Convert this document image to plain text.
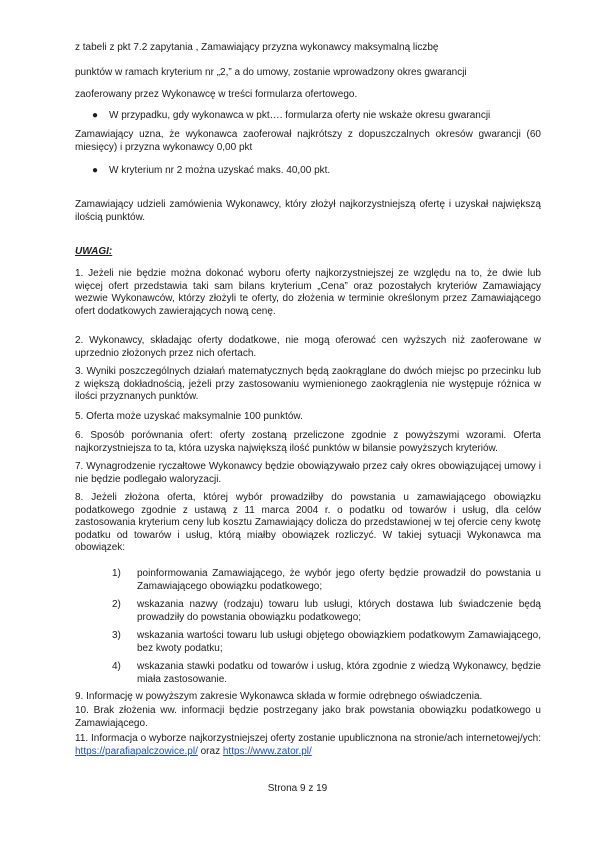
z tabeli z pkt 7.2 zapytania , Zamawiający przyzna wykonawcy maksymalną liczbę
punktów w ramach kryterium nr „2,” a do umowy, zostanie wprowadzony okres gwarancji
zaoferowany przez Wykonawcę w treści formularza ofertowego.
● W przypadku, gdy wykonawca w pkt…. formularza oferty nie wskaże okresu gwarancji
Zamawiający uzna, że wykonawca zaoferował najkrótszy z dopuszczalnych okresów gwarancji (60 miesięcy) i przyzna wykonawcy 0,00 pkt
● W kryterium nr 2 można uzyskać maks. 40,00 pkt.
Zamawiający udzieli zamówienia Wykonawcy, który złożył najkorzystniejszą ofertę i uzyskał największą ilością punktów.
UWAGI:
1. Jeżeli nie będzie można dokonać wyboru oferty najkorzystniejszej ze względu na to, że dwie lub więcej ofert przedstawia taki sam bilans kryterium „Cena” oraz pozostałych kryteriów Zamawiający wezwie Wykonawców, którzy złożyli te oferty, do złożenia w terminie określonym przez Zamawiającego ofert dodatkowych zawierających nową cenę.
2. Wykonawcy, składając oferty dodatkowe, nie mogą oferować cen wyższych niż zaoferowane w uprzednio złożonych przez nich ofertach.
3. Wyniki poszczególnych działań matematycznych będą zaokrąglane do dwóch miejsc po przecinku lub z większą dokładnością, jeżeli przy zastosowaniu wymienionego zaokrąglenia nie występuje różnica w ilości przyznanych punktów.
5. Oferta może uzyskać maksymalnie 100 punktów.
6. Sposób porównania ofert: oferty zostaną przeliczone zgodnie z powyższymi wzorami. Oferta najkorzystniejsza to ta, która uzyska największą ilość punktów w bilansie powyższych kryteriów.
7. Wynagrodzenie ryczałtowe Wykonawcy będzie obowiązywało przez cały okres obowiązującej umowy i nie będzie podlegało waloryzacji.
8. Jeżeli złożona oferta, której wybór prowadziłby do powstania u zamawiającego obowiązku podatkowego zgodnie z ustawą z 11 marca 2004 r. o podatku od towarów i usług, dla celów zastosowania kryterium ceny lub kosztu Zamawiający dolicza do przedstawionej w tej ofercie ceny kwotę podatku od towarów i usług, którą miałby obowiązek rozliczyć. W takiej sytuacji Wykonawca ma obowiązek:
1) poinformowania Zamawiającego, że wybór jego oferty będzie prowadził do powstania u Zamawiającego obowiązku podatkowego;
2) wskazania nazwy (rodzaju) towaru lub usługi, których dostawa lub świadczenie będą prowadziły do powstania obowiązku podatkowego;
3) wskazania wartości towaru lub usługi objętego obowiązkiem podatkowym Zamawiającego, bez kwoty podatku;
4) wskazania stawki podatku od towarów i usług, która zgodnie z wiedzą Wykonawcy, będzie miała zastosowanie.
9. Informację w powyższym zakresie Wykonawca składa w formie odrębnego oświadczenia.
10. Brak złożenia ww. informacji będzie postrzegany jako brak powstania obowiązku podatkowego u Zamawiającego.
11. Informacja o wyborze najkorzystniejszej oferty zostanie upublicznona na stronie/ach internetowej/ych: https://parafiapalczowice.pl/ oraz https://www.zator.pl/
Strona 9 z 19
